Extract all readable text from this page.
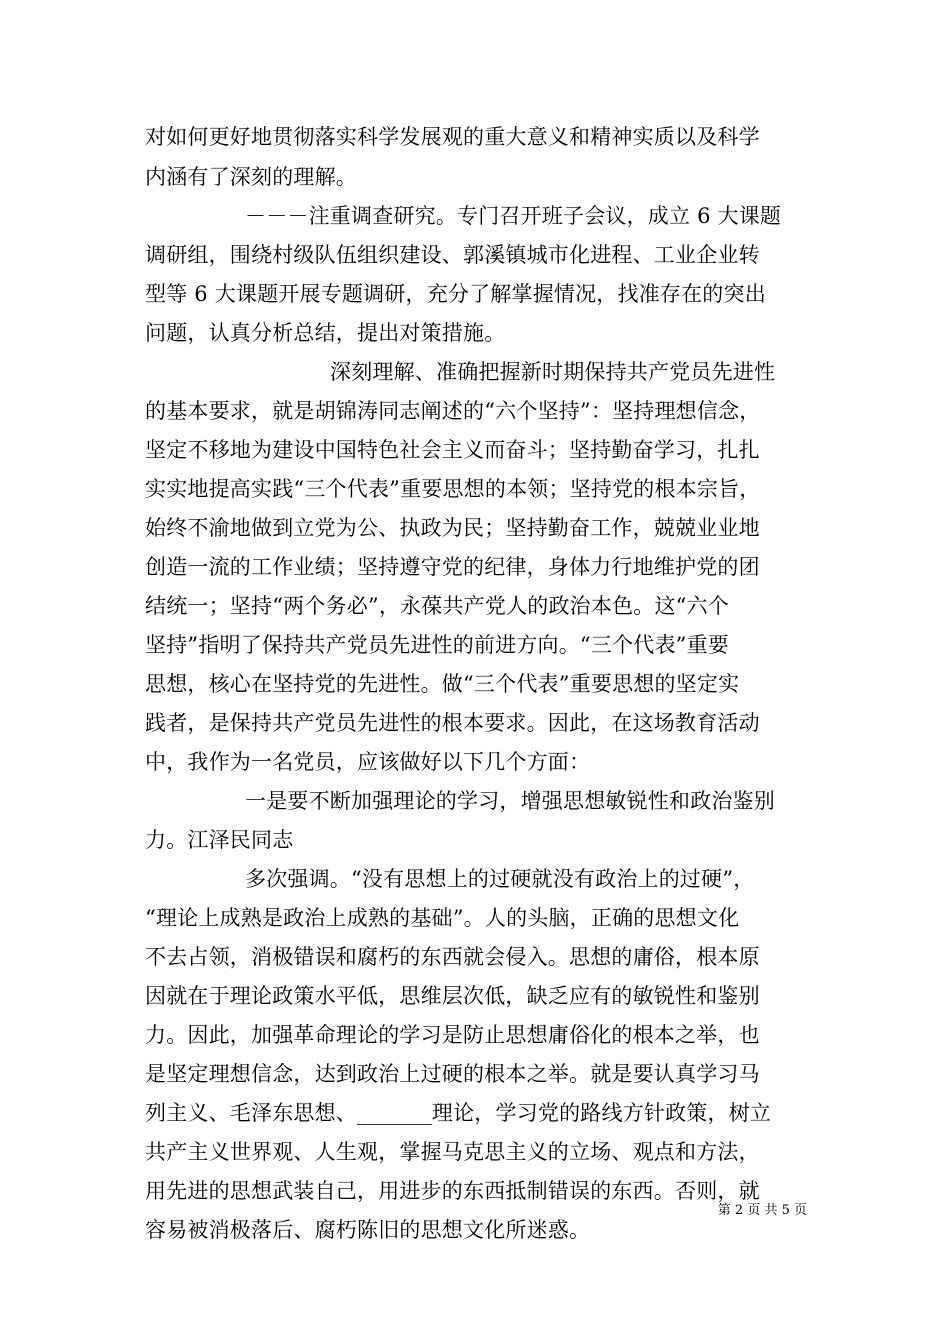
对如何更好地贯彻落实科学发展观的重大意义和精神实质以及科学
内涵有了深刻的理解。
－－－注重调查研究。专门召开班子会议，成立 6 大课题
调研组，围绕村级队伍组织建设、郭溪镇城市化进程、工业企业转
型等 6 大课题开展专题调研，充分了解掌握情况，找准存在的突出
问题，认真分析总结，提出对策措施。
深刻理解、准确把握新时期保持共产党员先进性
的基本要求，就是胡锦涛同志阐述的“六个坚持”：坚持理想信念，
坚定不移地为建设中国特色社会主义而奋斗；坚持勤奋学习，扎扎
实实地提高实践“三个代表”重要思想的本领；坚持党的根本宗旨，
始终不渝地做到立党为公、执政为民；坚持勤奋工作，兢兢业业地
创造一流的工作业绩；坚持遵守党的纪律，身体力行地维护党的团
结统一；坚持“两个务必”，永葆共产党人的政治本色。这“六个
坚持”指明了保持共产党员先进性的前进方向。“三个代表”重要
思想，核心在坚持党的先进性。做“三个代表”重要思想的坚定实
践者，是保持共产党员先进性的根本要求。因此，在这场教育活动
中，我作为一名党员，应该做好以下几个方面：
一是要不断加强理论的学习，增强思想敏锐性和政治鉴别
力。江泽民同志
多次强调。“没有思想上的过硬就没有政治上的过硬”，
“理论上成熟是政治上成熟的基础”。人的头脑，正确的思想文化
不去占领，消极错误和腐朽的东西就会侵入。思想的庸俗，根本原
因就在于理论政策水平低，思维层次低，缺乏应有的敏锐性和鉴别
力。因此，加强革命理论的学习是防止思想庸俗化的根本之举，也
是坚定理想信念，达到政治上过硬的根本之举。就是要认真学习马
列主义、毛泽东思想、_______理论，学习党的路线方针政策，树立
共产主义世界观、人生观，掌握马克思主义的立场、观点和方法，
用先进的思想武装自己，用进步的东西抵制错误的东西。否则，就
容易被消极落后、腐朽陈旧的思想文化所迷惑。
第 2 页 共 5 页
